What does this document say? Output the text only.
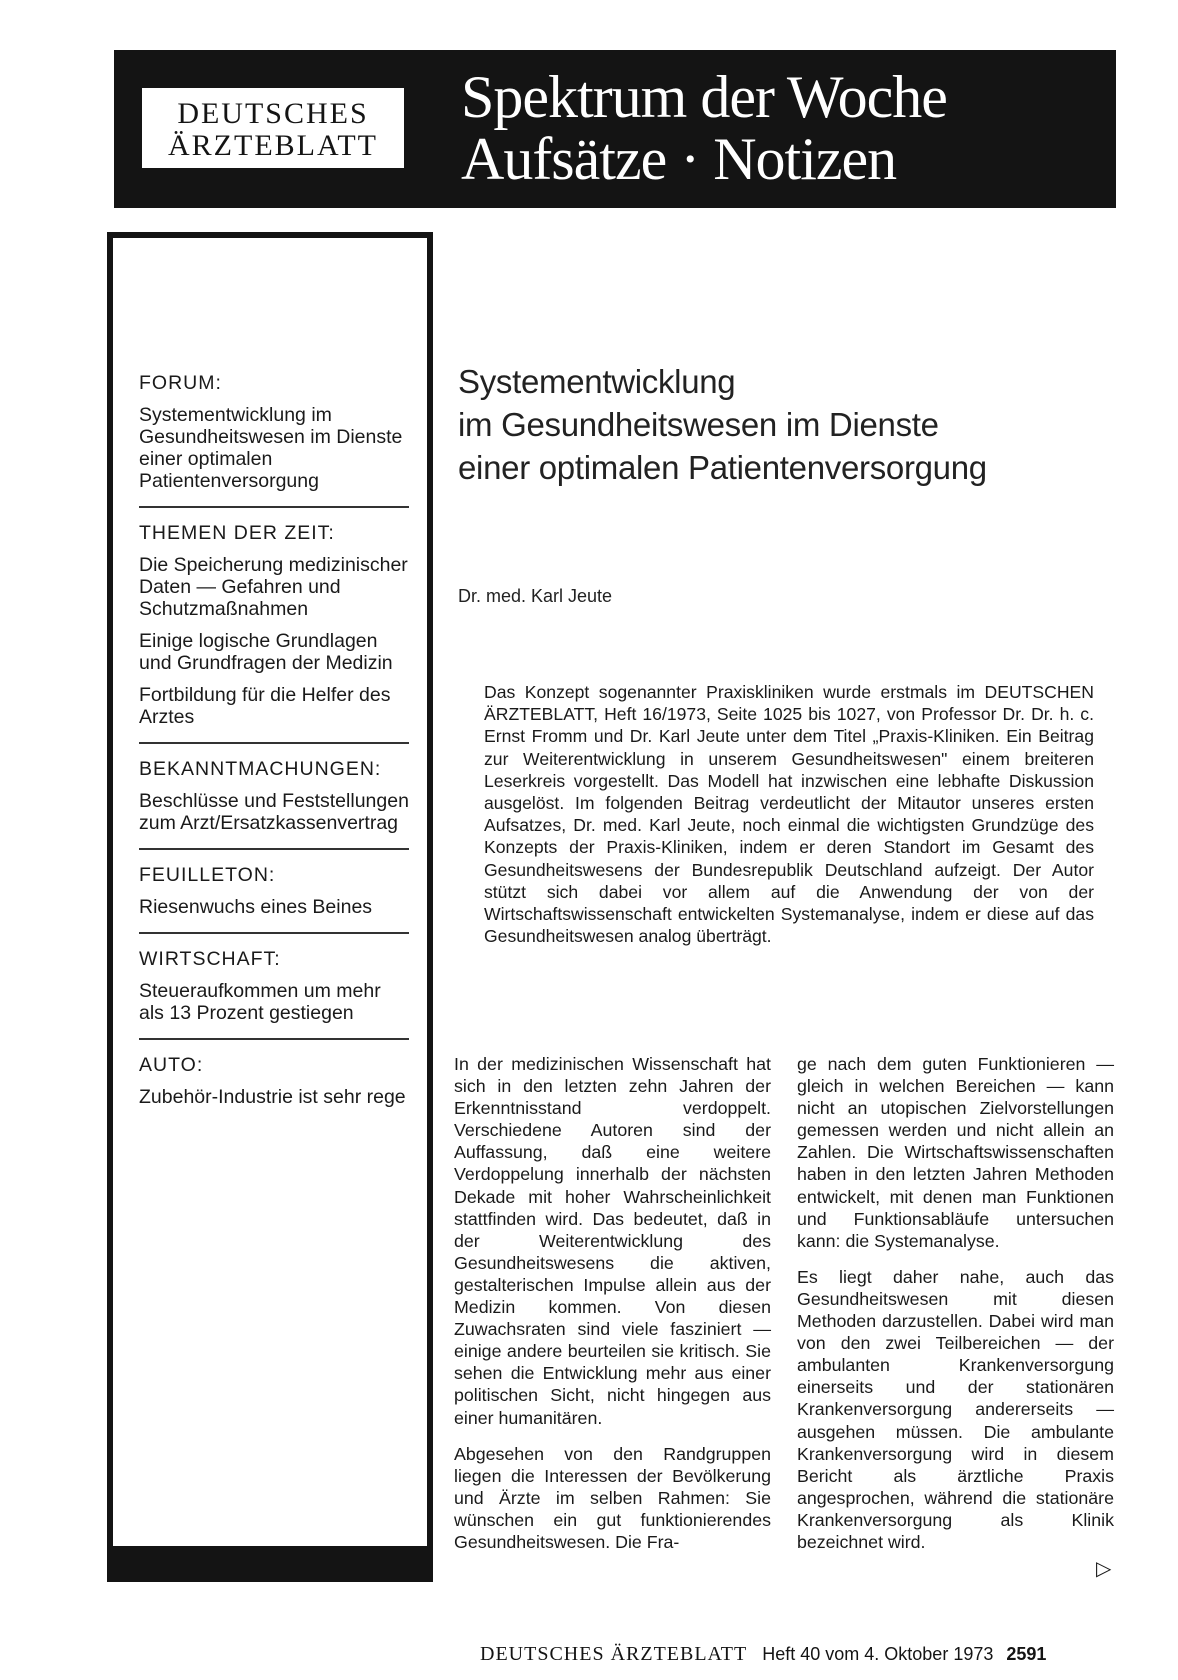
DEUTSCHES
ÄRZTEBLATT
Spektrum der Woche
Aufsätze · Notizen
FORUM:
Systementwicklung im Gesundheitswesen im Dienste einer optimalen Patientenversorgung
THEMEN DER ZEIT:
Die Speicherung medizinischer Daten — Gefahren und Schutzmaßnahmen
Einige logische Grundlagen und Grundfragen der Medizin
Fortbildung für die Helfer des Arztes
BEKANNTMACHUNGEN:
Beschlüsse und Feststellungen zum Arzt/Ersatzkassenvertrag
FEUILLETON:
Riesenwuchs eines Beines
WIRTSCHAFT:
Steueraufkommen um mehr als 13 Prozent gestiegen
AUTO:
Zubehör-Industrie ist sehr rege
Systementwicklung
im Gesundheitswesen im Dienste
einer optimalen Patientenversorgung
Dr. med. Karl Jeute
Das Konzept sogenannter Praxiskliniken wurde erstmals im DEUTSCHEN ÄRZTEBLATT, Heft 16/1973, Seite 1025 bis 1027, von Professor Dr. Dr. h. c. Ernst Fromm und Dr. Karl Jeute unter dem Titel „Praxis-Kliniken. Ein Beitrag zur Weiterentwicklung in unserem Gesundheitswesen" einem breiteren Leserkreis vorgestellt. Das Modell hat inzwischen eine lebhafte Diskussion ausgelöst. Im folgenden Beitrag verdeutlicht der Mitautor unseres ersten Aufsatzes, Dr. med. Karl Jeute, noch einmal die wichtigsten Grundzüge des Konzepts der Praxis-Kliniken, indem er deren Standort im Gesamt des Gesundheitswesens der Bundesrepublik Deutschland aufzeigt. Der Autor stützt sich dabei vor allem auf die Anwendung der von der Wirtschaftswissenschaft entwickelten Systemanalyse, indem er diese auf das Gesundheitswesen analog überträgt.

In der medizinischen Wissenschaft hat sich in den letzten zehn Jahren der Erkenntnisstand verdoppelt. Verschiedene Autoren sind der Auffassung, daß eine weitere Verdoppelung innerhalb der nächsten Dekade mit hoher Wahrscheinlichkeit stattfinden wird. Das bedeutet, daß in der Weiterentwicklung des Gesundheitswesens die aktiven, gestalterischen Impulse allein aus der Medizin kommen. Von diesen Zuwachsraten sind viele fasziniert — einige andere beurteilen sie kritisch. Sie sehen die Entwicklung mehr aus einer politischen Sicht, nicht hingegen aus einer humanitären.

Abgesehen von den Randgruppen liegen die Interessen der Bevölkerung und Ärzte im selben Rahmen: Sie wünschen ein gut funktionierendes Gesundheitswesen. Die Fra-

ge nach dem guten Funktionieren — gleich in welchen Bereichen — kann nicht an utopischen Zielvorstellungen gemessen werden und nicht allein an Zahlen. Die Wirtschaftswissenschaften haben in den letzten Jahren Methoden entwickelt, mit denen man Funktionen und Funktionsabläufe untersuchen kann: die Systemanalyse.

Es liegt daher nahe, auch das Gesundheitswesen mit diesen Methoden darzustellen. Dabei wird man von den zwei Teilbereichen — der ambulanten Krankenversorgung einerseits und der stationären Krankenversorgung andererseits — ausgehen müssen. Die ambulante Krankenversorgung wird in diesem Bericht als ärztliche Praxis angesprochen, während die stationäre Krankenversorgung als Klinik bezeichnet wird.

▷
DEUTSCHES ÄRZTEBLATT Heft 40 vom 4. Oktober 1973 2591
